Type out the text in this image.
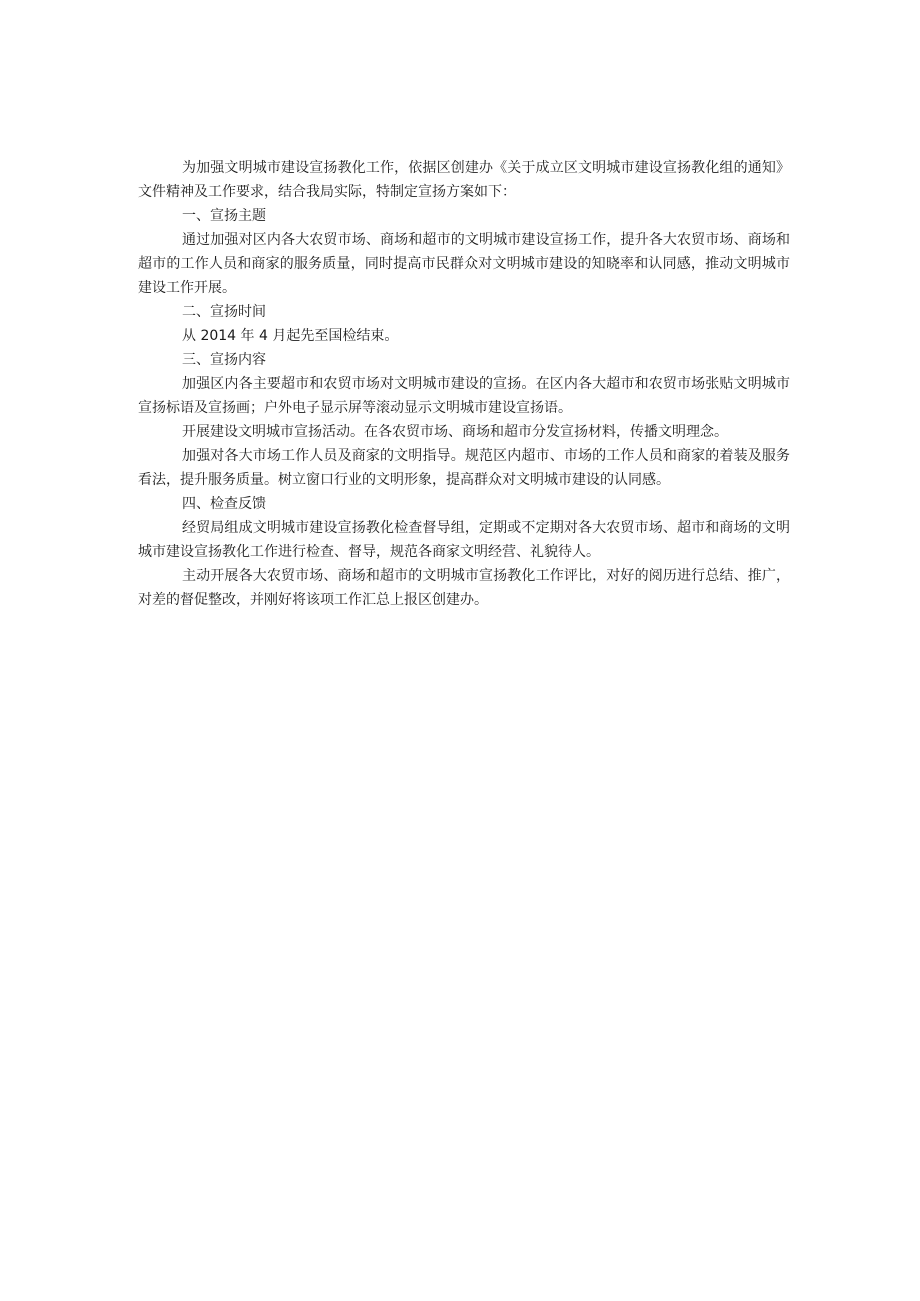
为加强文明城市建设宣扬教化工作，依据区创建办《关于成立区文明城市建设宣扬教化组的通知》文件精神及工作要求，结合我局实际，特制定宣扬方案如下：

一、宣扬主题

通过加强对区内各大农贸市场、商场和超市的文明城市建设宣扬工作，提升各大农贸市场、商场和超市的工作人员和商家的服务质量，同时提高市民群众对文明城市建设的知晓率和认同感，推动文明城市建设工作开展。

二、宣扬时间

从 2014 年 4 月起先至国检结束。

三、宣扬内容

加强区内各主要超市和农贸市场对文明城市建设的宣扬。在区内各大超市和农贸市场张贴文明城市宣扬标语及宣扬画；户外电子显示屏等滚动显示文明城市建设宣扬语。

开展建设文明城市宣扬活动。在各农贸市场、商场和超市分发宣扬材料，传播文明理念。

加强对各大市场工作人员及商家的文明指导。规范区内超市、市场的工作人员和商家的着装及服务看法，提升服务质量。树立窗口行业的文明形象，提高群众对文明城市建设的认同感。

四、检查反馈

经贸局组成文明城市建设宣扬教化检查督导组，定期或不定期对各大农贸市场、超市和商场的文明城市建设宣扬教化工作进行检查、督导，规范各商家文明经营、礼貌待人。

主动开展各大农贸市场、商场和超市的文明城市宣扬教化工作评比，对好的阅历进行总结、推广，对差的督促整改，并刚好将该项工作汇总上报区创建办。
